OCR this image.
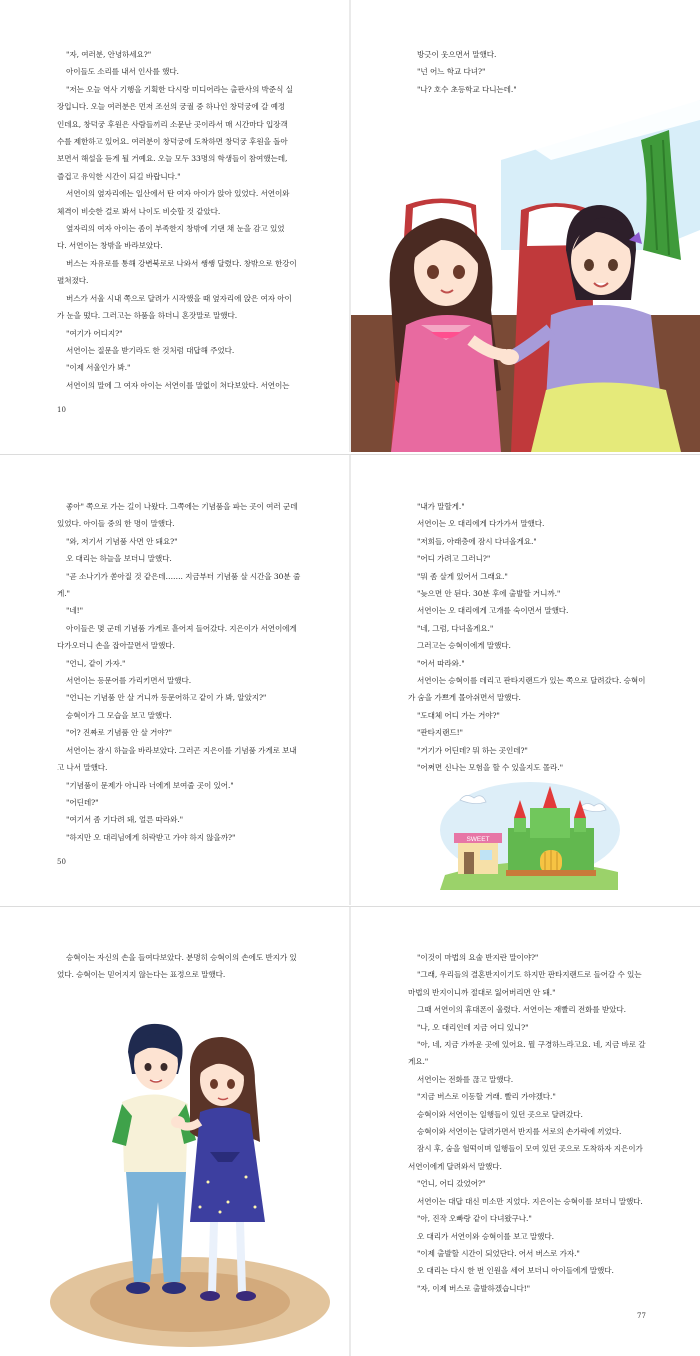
"자, 여러분, 안녕하세요?"

아이들도 소리를 내서 인사를 했다.

"저는 오늘 역사 기행을 기획한 다시랑 미디어라는 출판사의 박준식 실

장입니다. 오늘 여러분은 먼저 조선의 궁궐 중 하나인 창덕궁에 갈 예정

인데요, 창덕궁 후원은 사람들끼리 소문난 곳이라서 매 시간마다 입장객

수를 제한하고 있어요. 여러분이 창덕궁에 도착하면 창덕궁 후원을 돌아

보면서 해설을 듣게 될 거예요. 오늘 모두 33명의 학생들이 참여했는데,

즐겁고 유익한 시간이 되길 바랍니다."

서연이의 옆자리에는 일산에서 탄 여자 아이가 앉아 있었다. 서연이와

체격이 비슷한 걸로 봐서 나이도 비슷할 것 같았다.

옆자리의 여자 아이는 좀이 부족한지 창밖에 기댄 채 눈을 감고 있었

다. 서연이는 창밖을 바라보았다.

버스는 자유로를 통해 강변북로로 나와서 쌩쌩 달렸다. 창밖으로 한강이

펼쳐졌다.

버스가 서울 시내 쪽으로 달려가 시작했을 때 옆자리에 앉은 여자 아이

가 눈을 떴다. 그러고는 하품을 하더니 혼잣말로 말했다.

"여기가 어디지?"

서연이는 질문을 받기라도 한 것처럼 대답해 주었다.

"이제 서울인가 봐."

서연이의 말에 그 여자 아이는 서연이를 말없이 쳐다보았다. 서연이는

10

방긋이 웃으면서 말했다.

"넌 어느 학교 다녀?"

"나? 호수 초등학교 다니는데."

좋아" 쪽으로 가는 길이 나왔다. 그쪽에는 기념품을 파는 곳이 여러 군데

있었다. 아이들 중의 한 명이 말했다.

"와, 저기서 기념품 사면 안 돼요?"

오 대리는 하늘을 보더니 말했다.

"곧 소나기가 쏟아질 것 같은데……. 지금부터 기념품 살 시간을 30분 줄

게."

"네!"

아이들은 몇 군데 기념품 가게로 흩어져 들어갔다. 지은이가 서연이에게

다가오더니 손을 잡아끌면서 말했다.

"언니, 같이 가자."

서연이는 등문어를 가리키면서 말했다.

"언니는 기념품 안 살 거니까 등문어하고 같이 가 봐, 알았지?"

승혁이가 그 모습을 보고 말했다.

"어? 진짜로 기념품 안 살 거야?"

서연이는 잠시 하늘을 바라보았다. 그러곤 지은이를 기념품 가게로 보내

고 나서 말했다.

"기념품이 문제가 아니라 너에게 보여줄 곳이 있어."

"어딘데?"

"여기서 좀 기다려 돼, 얼른 따라와."

"하지만 오 대리님에게 허락받고 가야 하지 않을까?"

50

"내가 말할게."

서연이는 오 대리에게 다가가서 말했다.

"저희들, 아래층에 잠시 다녀올게요."

"어디 가려고 그러니?"

"뭐 좀 살게 있어서 그래요."

"늦으면 안 된다. 30분 후에 출발할 거니까."

서연이는 오 대리에게 고개를 숙이면서 말했다.

"네, 그럼, 다녀올게요."

그러고는 승혁이에게 말했다.

"어서 따라와."

서연이는 승혁이를 데리고 판타지랜드가 있는 쪽으로 달려갔다. 승혁이

가 숨을 가쁘게 몰아쉬면서 말했다.

"도대체 어디 가는 거야?"

"판타지랜드!"

"거기가 어딘데? 뭐 하는 곳인데?"

"어쩌면 신나는 모험을 할 수 있을지도 몰라."

SWEET

승혁이는 자신의 손을 들여다보았다. 분명히 승혁이의 손에도 반지가 있

었다. 승혁이는 믿어지지 않는다는 표정으로 말했다.

"이것이 마법의 요술 반지란 말이야?"

"그래, 우리들의 결혼반지이기도 하지만 판타지랜드로 들어갈 수 있는

마법의 반지이니까 절대로 잃어버리면 안 돼."

그때 서연이의 휴대폰이 울렸다. 서연이는 재빨리 전화를 받았다.

"나, 오 대리인데 지금 어디 있니?"

"아, 네, 지금 가까운 곳에 있어요. 뭘 구경하느라고요. 네, 지금 바로 갈

게요."

서연이는 전화를 끊고 말했다.

"지금 버스로 이동할 거래. 빨리 가야겠다."

승혁이와 서연이는 일행들이 있던 곳으로 달려갔다.

승혁이와 서연이는 달려가면서 반지를 서로의 손가락에 끼었다.

잠시 후, 숨을 헐떡이며 일행들이 모여 있던 곳으로 도착하자 지은이가

서연이에게 달려와서 말했다.

"언니, 어디 갔었어?"

서연이는 대답 대신 미소만 지었다. 지은이는 승혁이를 보더니 말했다.

"아, 진작 오빠랑 같이 다녀왔구나."

오 대리가 서연이와 승혁이를 보고 말했다.

"이제 출발할 시간이 되었단다. 어서 버스로 가자."

오 대리는 다시 한 번 인원을 세어 보더니 아이들에게 말했다.

"자, 이제 버스로 출발하겠습니다!"

77
